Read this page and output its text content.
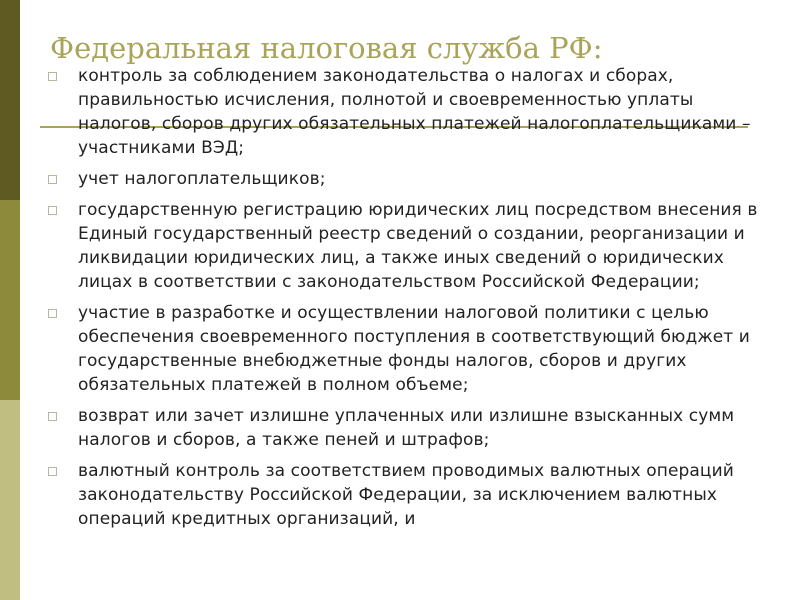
Федеральная налоговая служба РФ:
контроль за соблюдением законодательства о налогах и сборах, правильностью исчисления, полнотой и своевременностью уплаты налогов, сборов других обязательных платежей налогоплательщиками – участниками ВЭД;
учет налогоплательщиков;
государственную регистрацию юридических лиц посредством внесения в Единый государственный реестр сведений о создании, реорганизации и ликвидации юридических лиц, а также иных сведений о юридических лицах в соответствии с законодательством Российской Федерации;
участие в разработке и осуществлении налоговой политики с целью обеспечения своевременного поступления в соответствующий бюджет и государственные внебюджетные фонды налогов, сборов и других обязательных платежей в полном объеме;
возврат или зачет излишне уплаченных или излишне взысканных сумм налогов и сборов, а также пеней и штрафов;
валютный контроль за соответствием проводимых валютных операций законодательству Российской Федерации, за исключением валютных операций кредитных организаций, и
